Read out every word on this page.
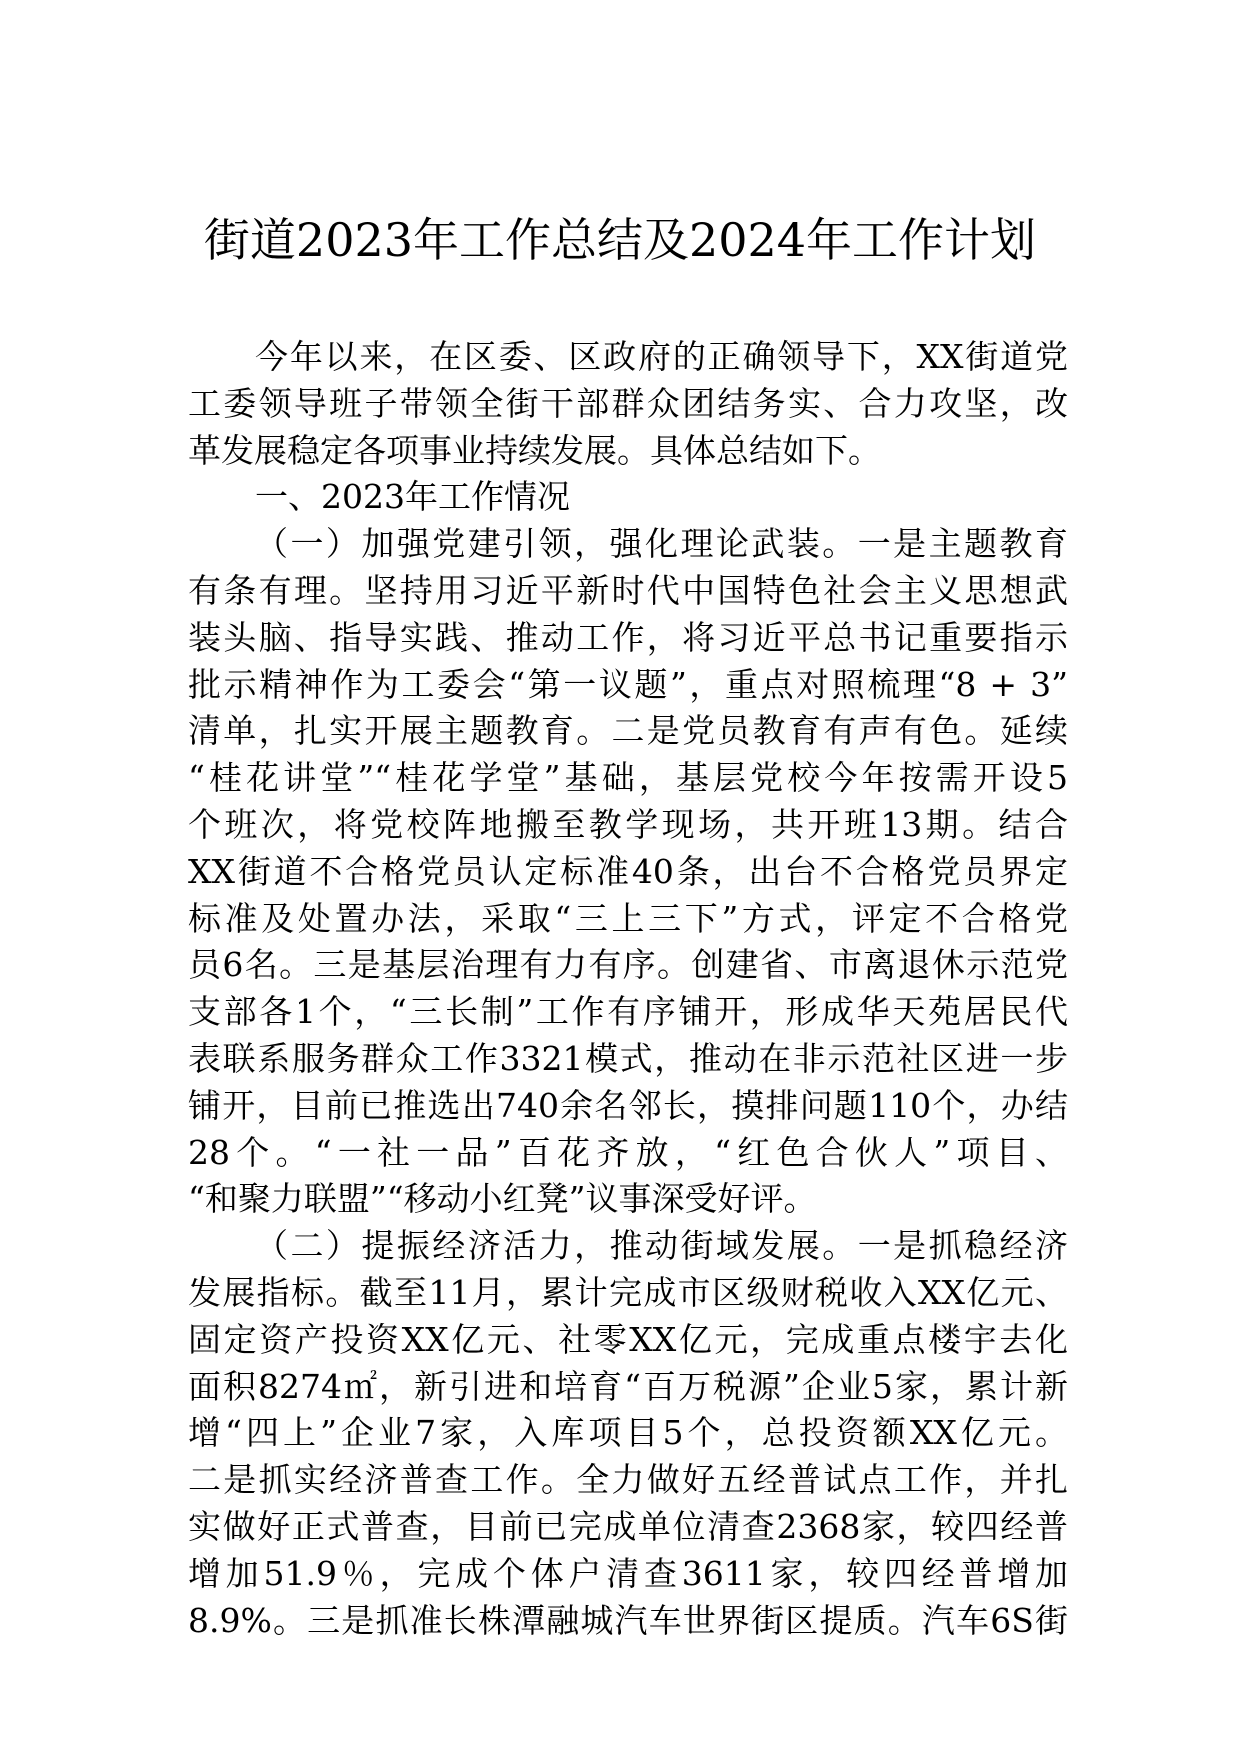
街道2023年工作总结及2024年工作计划
今年以来，在区委、区政府的正确领导下，XX街道党
工委领导班子带领全街干部群众团结务实、合力攻坚，改
革发展稳定各项事业持续发展。具体总结如下。
一、2023年工作情况
（一）加强党建引领，强化理论武装。一是主题教育
有条有理。坚持用习近平新时代中国特色社会主义思想武
装头脑、指导实践、推动工作，将习近平总书记重要指示
批示精神作为工委会“第一议题”，重点对照梳理“8 + 3”
清单，扎实开展主题教育。二是党员教育有声有色。延续
“桂花讲堂”“桂花学堂”基础，基层党校今年按需开设5
个班次，将党校阵地搬至教学现场，共开班13期。结合
XX街道不合格党员认定标准40条，出台不合格党员界定
标准及处置办法，采取“三上三下”方式，评定不合格党
员6名。三是基层治理有力有序。创建省、市离退休示范党
支部各1个，“三长制”工作有序铺开，形成华天苑居民代
表联系服务群众工作3321模式，推动在非示范社区进一步
铺开，目前已推选出740余名邻长，摸排问题110个，办结
28个。“一社一品”百花齐放，“红色合伙人”项目、
“和聚力联盟”“移动小红凳”议事深受好评。
（二）提振经济活力，推动街域发展。一是抓稳经济
发展指标。截至11月，累计完成市区级财税收入XX亿元、
固定资产投资XX亿元、社零XX亿元，完成重点楼宇去化
面积8274㎡，新引进和培育“百万税源”企业5家，累计新
增“四上”企业7家，入库项目5个，总投资额XX亿元。
二是抓实经济普查工作。全力做好五经普试点工作，并扎
实做好正式普查，目前已完成单位清查2368家，较四经普
增加51.9％，完成个体户清查3611家，较四经普增加
8.9%。三是抓准长株潭融城汽车世界街区提质。汽车6S街
